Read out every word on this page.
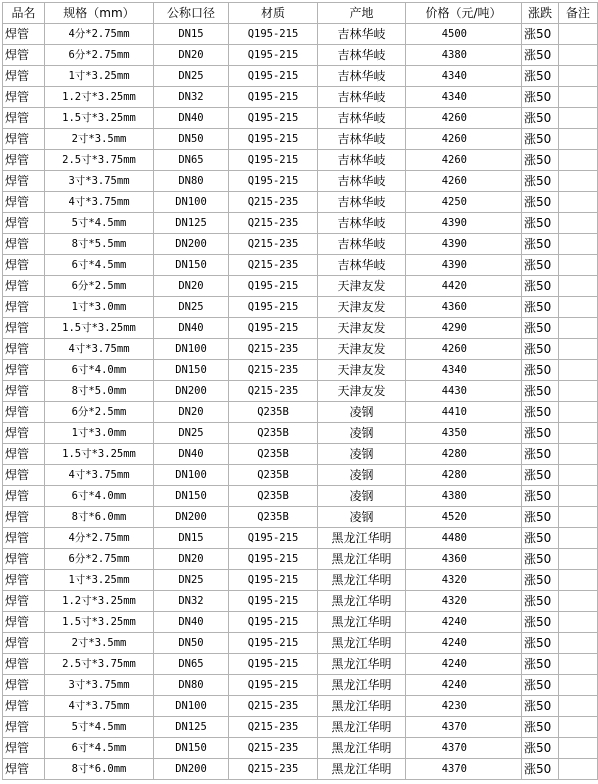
品名	规格（mm）	公称口径	材质	产地	价格（元/吨）	涨跌	备注
焊管	4分*2.75mm	DN15	Q195-215	吉林华岐	4500	涨50	
焊管	6分*2.75mm	DN20	Q195-215	吉林华岐	4380	涨50	
焊管	1寸*3.25mm	DN25	Q195-215	吉林华岐	4340	涨50	
焊管	1.2寸*3.25mm	DN32	Q195-215	吉林华岐	4340	涨50	
焊管	1.5寸*3.25mm	DN40	Q195-215	吉林华岐	4260	涨50	
焊管	2寸*3.5mm	DN50	Q195-215	吉林华岐	4260	涨50	
焊管	2.5寸*3.75mm	DN65	Q195-215	吉林华岐	4260	涨50	
焊管	3寸*3.75mm	DN80	Q195-215	吉林华岐	4260	涨50	
焊管	4寸*3.75mm	DN100	Q215-235	吉林华岐	4250	涨50	
焊管	5寸*4.5mm	DN125	Q215-235	吉林华岐	4390	涨50	
焊管	8寸*5.5mm	DN200	Q215-235	吉林华岐	4390	涨50	
焊管	6寸*4.5mm	DN150	Q215-235	吉林华岐	4390	涨50	
焊管	6分*2.5mm	DN20	Q195-215	天津友发	4420	涨50	
焊管	1寸*3.0mm	DN25	Q195-215	天津友发	4360	涨50	
焊管	1.5寸*3.25mm	DN40	Q195-215	天津友发	4290	涨50	
焊管	4寸*3.75mm	DN100	Q215-235	天津友发	4260	涨50	
焊管	6寸*4.0mm	DN150	Q215-235	天津友发	4340	涨50	
焊管	8寸*5.0mm	DN200	Q215-235	天津友发	4430	涨50	
焊管	6分*2.5mm	DN20	Q235B	凌钢	4410	涨50	
焊管	1寸*3.0mm	DN25	Q235B	凌钢	4350	涨50	
焊管	1.5寸*3.25mm	DN40	Q235B	凌钢	4280	涨50	
焊管	4寸*3.75mm	DN100	Q235B	凌钢	4280	涨50	
焊管	6寸*4.0mm	DN150	Q235B	凌钢	4380	涨50	
焊管	8寸*6.0mm	DN200	Q235B	凌钢	4520	涨50	
焊管	4分*2.75mm	DN15	Q195-215	黑龙江华明	4480	涨50	
焊管	6分*2.75mm	DN20	Q195-215	黑龙江华明	4360	涨50	
焊管	1寸*3.25mm	DN25	Q195-215	黑龙江华明	4320	涨50	
焊管	1.2寸*3.25mm	DN32	Q195-215	黑龙江华明	4320	涨50	
焊管	1.5寸*3.25mm	DN40	Q195-215	黑龙江华明	4240	涨50	
焊管	2寸*3.5mm	DN50	Q195-215	黑龙江华明	4240	涨50	
焊管	2.5寸*3.75mm	DN65	Q195-215	黑龙江华明	4240	涨50	
焊管	3寸*3.75mm	DN80	Q195-215	黑龙江华明	4240	涨50	
焊管	4寸*3.75mm	DN100	Q215-235	黑龙江华明	4230	涨50	
焊管	5寸*4.5mm	DN125	Q215-235	黑龙江华明	4370	涨50	
焊管	6寸*4.5mm	DN150	Q215-235	黑龙江华明	4370	涨50	
焊管	8寸*6.0mm	DN200	Q215-235	黑龙江华明	4370	涨50	
